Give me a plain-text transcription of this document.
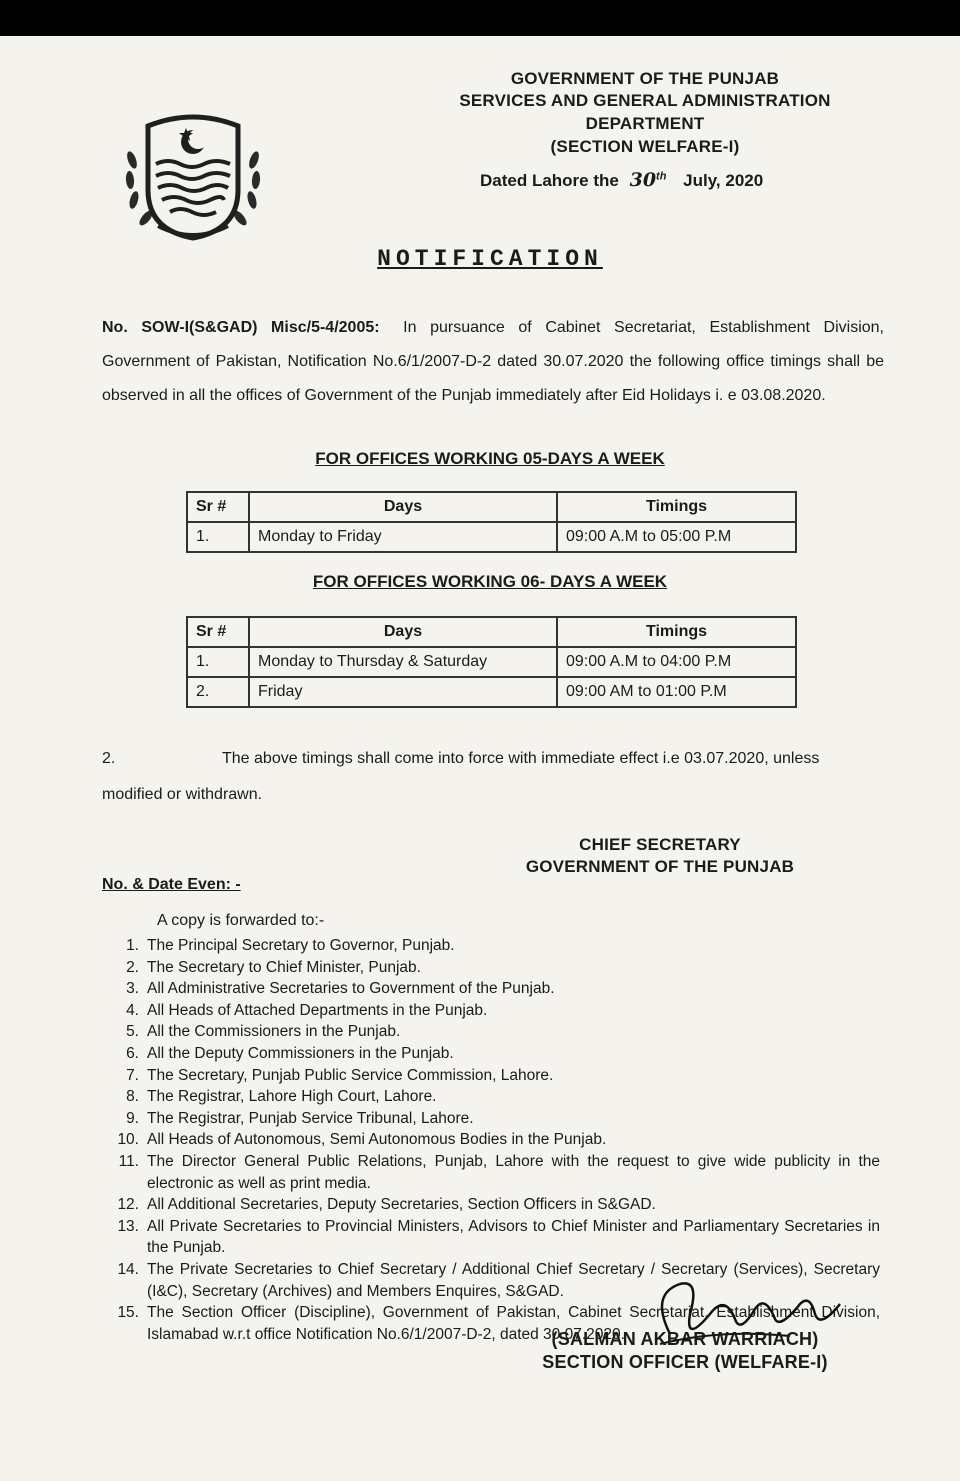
GOVERNMENT OF THE PUNJAB
SERVICES AND GENERAL ADMINISTRATION
DEPARTMENT
(SECTION WELFARE-I)
Dated Lahore the 30th July, 2020
NOTIFICATION
No. SOW-I(S&GAD) Misc/5-4/2005: In pursuance of Cabinet Secretariat, Establishment Division, Government of Pakistan, Notification No.6/1/2007-D-2 dated 30.07.2020 the following office timings shall be observed in all the offices of Government of the Punjab immediately after Eid Holidays i. e 03.08.2020.
FOR OFFICES WORKING 05-DAYS A WEEK
Sr #	Days	Timings
1.	Monday to Friday	09:00 A.M to 05:00 P.M
FOR OFFICES WORKING 06- DAYS A WEEK
Sr #	Days	Timings
1.	Monday to Thursday & Saturday	09:00 A.M to 04:00 P.M
2.	Friday	09:00 AM to 01:00 P.M
2.	The above timings shall come into force with immediate effect i.e 03.07.2020, unless
modified or withdrawn.
CHIEF SECRETARY
GOVERNMENT OF THE PUNJAB
No. & Date Even: -
A copy is forwarded to:-
1. The Principal Secretary to Governor, Punjab.
2. The Secretary to Chief Minister, Punjab.
3. All Administrative Secretaries to Government of the Punjab.
4. All Heads of Attached Departments in the Punjab.
5. All the Commissioners in the Punjab.
6. All the Deputy Commissioners in the Punjab.
7. The Secretary, Punjab Public Service Commission, Lahore.
8. The Registrar, Lahore High Court, Lahore.
9. The Registrar, Punjab Service Tribunal, Lahore.
10. All Heads of Autonomous, Semi Autonomous Bodies in the Punjab.
11. The Director General Public Relations, Punjab, Lahore with the request to give wide publicity in the electronic as well as print media.
12. All Additional Secretaries, Deputy Secretaries, Section Officers in S&GAD.
13. All Private Secretaries to Provincial Ministers, Advisors to Chief Minister and Parliamentary Secretaries in the Punjab.
14. The Private Secretaries to Chief Secretary / Additional Chief Secretary / Secretary (Services), Secretary (I&C), Secretary (Archives) and Members Enquires, S&GAD.
15. The Section Officer (Discipline), Government of Pakistan, Cabinet Secretariat, Establishment Division, Islamabad w.r.t office Notification No.6/1/2007-D-2, dated 30.07.2020.
(SALMAN AKBAR WARRIACH)
SECTION OFFICER (WELFARE-I)
